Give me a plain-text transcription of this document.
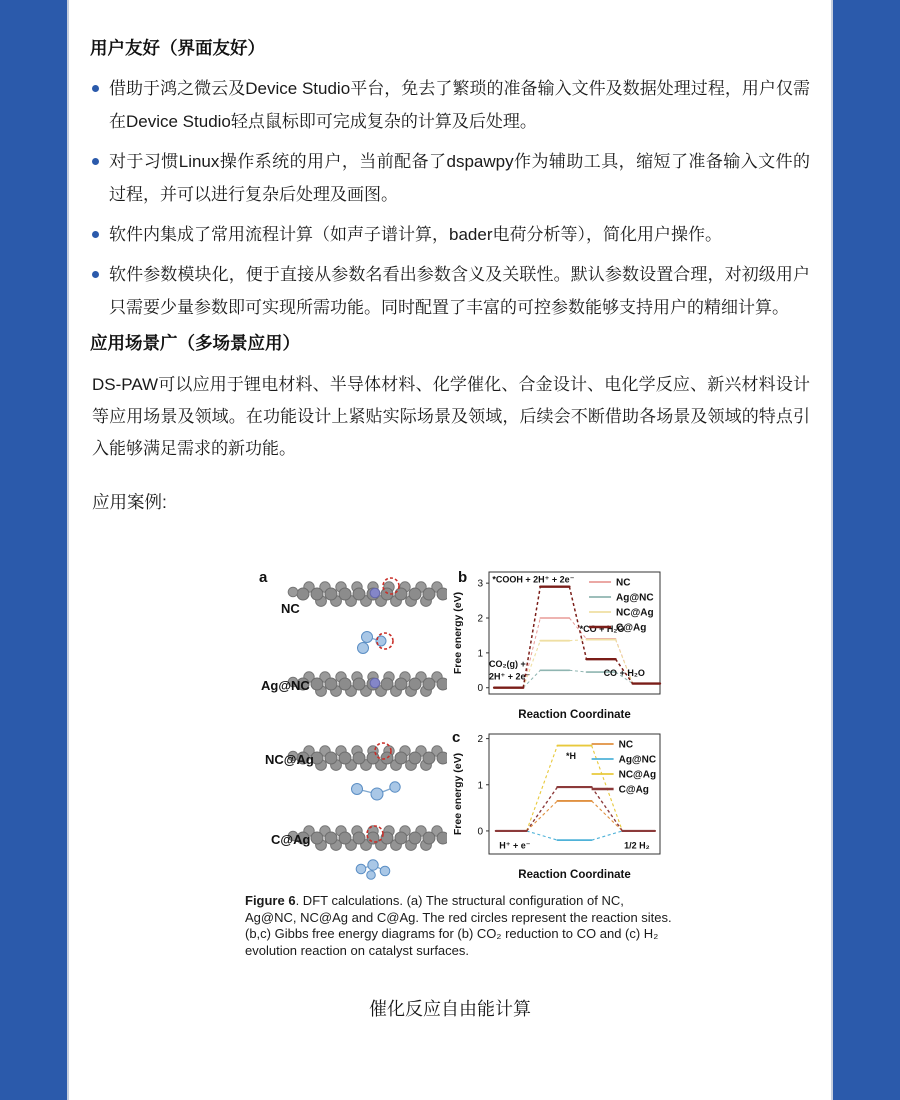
用户友好（界面友好）
借助于鸿之微云及Device Studio平台，免去了繁琐的准备输入文件及数据处理过程，用户仅需在Device Studio轻点鼠标即可完成复杂的计算及后处理。
对于习惯Linux操作系统的用户，当前配备了dspawpy作为辅助工具，缩短了准备输入文件的过程，并可以进行复杂后处理及画图。
软件内集成了常用流程计算（如声子谱计算，bader电荷分析等），简化用户操作。
软件参数模块化，便于直接从参数名看出参数含义及关联性。默认参数设置合理，对初级用户只需要少量参数即可实现所需功能。同时配置了丰富的可控参数能够支持用户的精细计算。
应用场景广（多场景应用）

DS-PAW可以应用于锂电材料、半导体材料、化学催化、合金设计、电化学反应、新兴材料设计等应用场景及领域。在功能设计上紧贴实际场景及领域，后续会不断借助各场景及领域的特点引入能够满足需求的新功能。

应用案例:

a
NC
Ag@NC
NC@Ag
C@Ag
b
c
0
1
2
3
Free energy (eV)
Reaction Coordinate
*COOH + 2H⁺ + 2e⁻
CO₂(g) +
2H⁺ + 2e⁻
*CO + H₂O
CO + H₂O
NC
Ag@NC
NC@Ag
C@Ag
0
1
2
Free energy (eV)
Reaction Coordinate
*H
H⁺ + e⁻	1/2 H₂
NC
Ag@NC
NC@Ag
C@Ag

Figure 6. DFT calculations. (a) The structural configuration of NC, Ag@NC, NC@Ag and C@Ag. The red circles represent the reaction sites. (b,c) Gibbs free energy diagrams for (b) CO₂ reduction to CO and (c) H₂ evolution reaction on catalyst surfaces.

催化反应自由能计算
